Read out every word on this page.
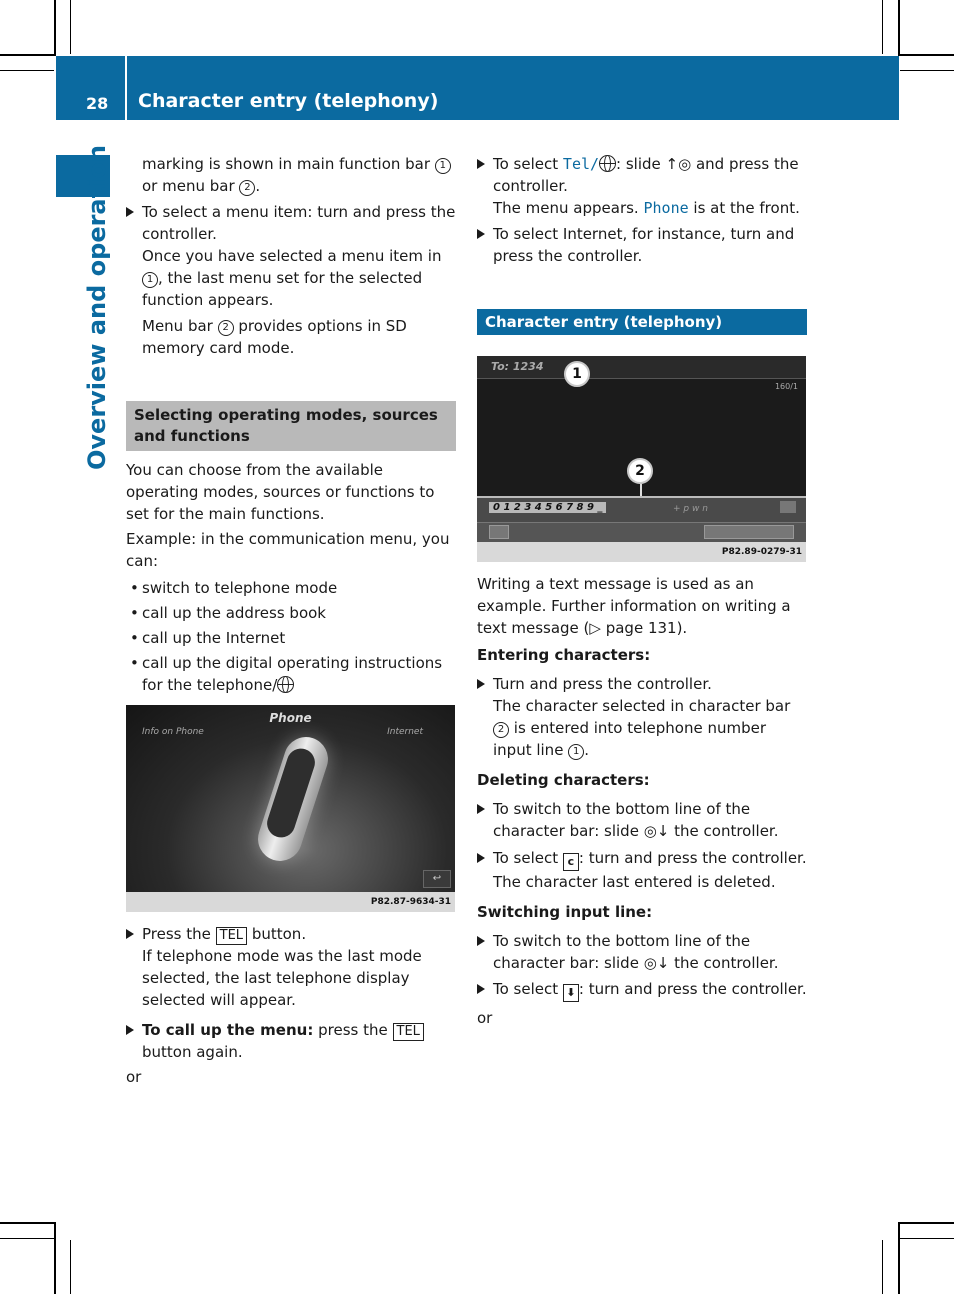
28 Character entry (telephony)
Overview and operation	marking is shown in main function bar 1
or menu bar 2 .

To select a menu item: turn and press the controller.
Once you have selected a menu item in 1 , the last menu set for the selected function appears.

Menu bar 2 provides options in SD memory card mode.

Selecting operating modes, sources and functions

You can choose from the available operating modes, sources or functions to set for the main functions.

Example: in the communication menu, you can:

• switch to telephone mode

• call up the address book

• call up the Internet

• call up the digital operating instructions for the telephone/

Phone
Info on Phone	Internet
↩
P82.87-9634-31

Press the TEL button.
If telephone mode was the last mode selected, the last telephone display selected will appear.

To call up the menu: press the TEL button again.

or

To select Tel/ : slide ↑◎ and press the controller.
The menu appears. Phone is at the front.

To select Internet, for instance, turn and press the controller.

Character entry (telephony)
To: 1234
160/1
1
2
0 1 2 3 4 5 6 7 8 9 _	+ p w n
P82.89-0279-31

Writing a text message is used as an example. Further information on writing a text message (▷ page 131).

Entering characters:

Turn and press the controller.
The character selected in character bar 2 is entered into telephone number input line 1 .

Deleting characters:

To switch to the bottom line of the character bar: slide ◎↓ the controller.

To select c : turn and press the controller.
The character last entered is deleted.

Switching input line:

To switch to the bottom line of the character bar: slide ◎↓ the controller.

To select ⬇ : turn and press the controller.

or
